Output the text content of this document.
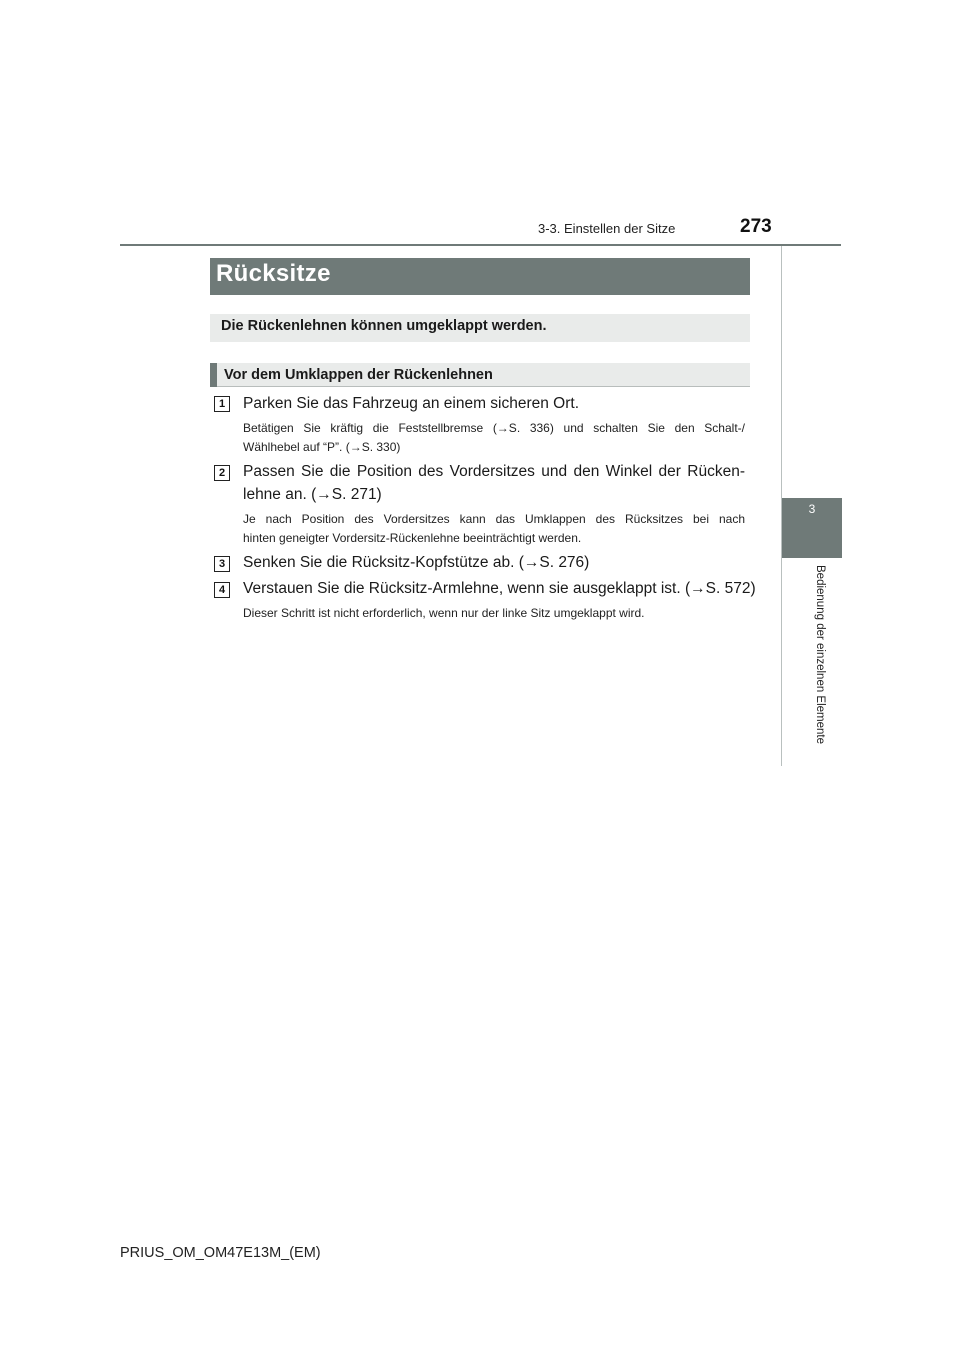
3-3. Einstellen der Sitze	273
3
Bedienung der einzelnen Elemente
Rücksitze
Die Rückenlehnen können umgeklappt werden.
Vor dem Umklappen der Rückenlehnen
1	Parken Sie das Fahrzeug an einem sicheren Ort.
Betätigen Sie kräftig die Feststellbremse (→S. 336) und schalten Sie den Schalt-/
Wählhebel auf “P”. (→S. 330)
2	Passen Sie die Position des Vordersitzes und den Winkel der Rücken-
lehne an. (→S. 271)
Je nach Position des Vordersitzes kann das Umklappen des Rücksitzes bei nach
hinten geneigter Vordersitz-Rückenlehne beeinträchtigt werden.
3	Senken Sie die Rücksitz-Kopfstütze ab. (→S. 276)
4	Verstauen Sie die Rücksitz-Armlehne, wenn sie ausgeklappt ist. (→S. 572)
Dieser Schritt ist nicht erforderlich, wenn nur der linke Sitz umgeklappt wird.
PRIUS_OM_OM47E13M_(EM)
